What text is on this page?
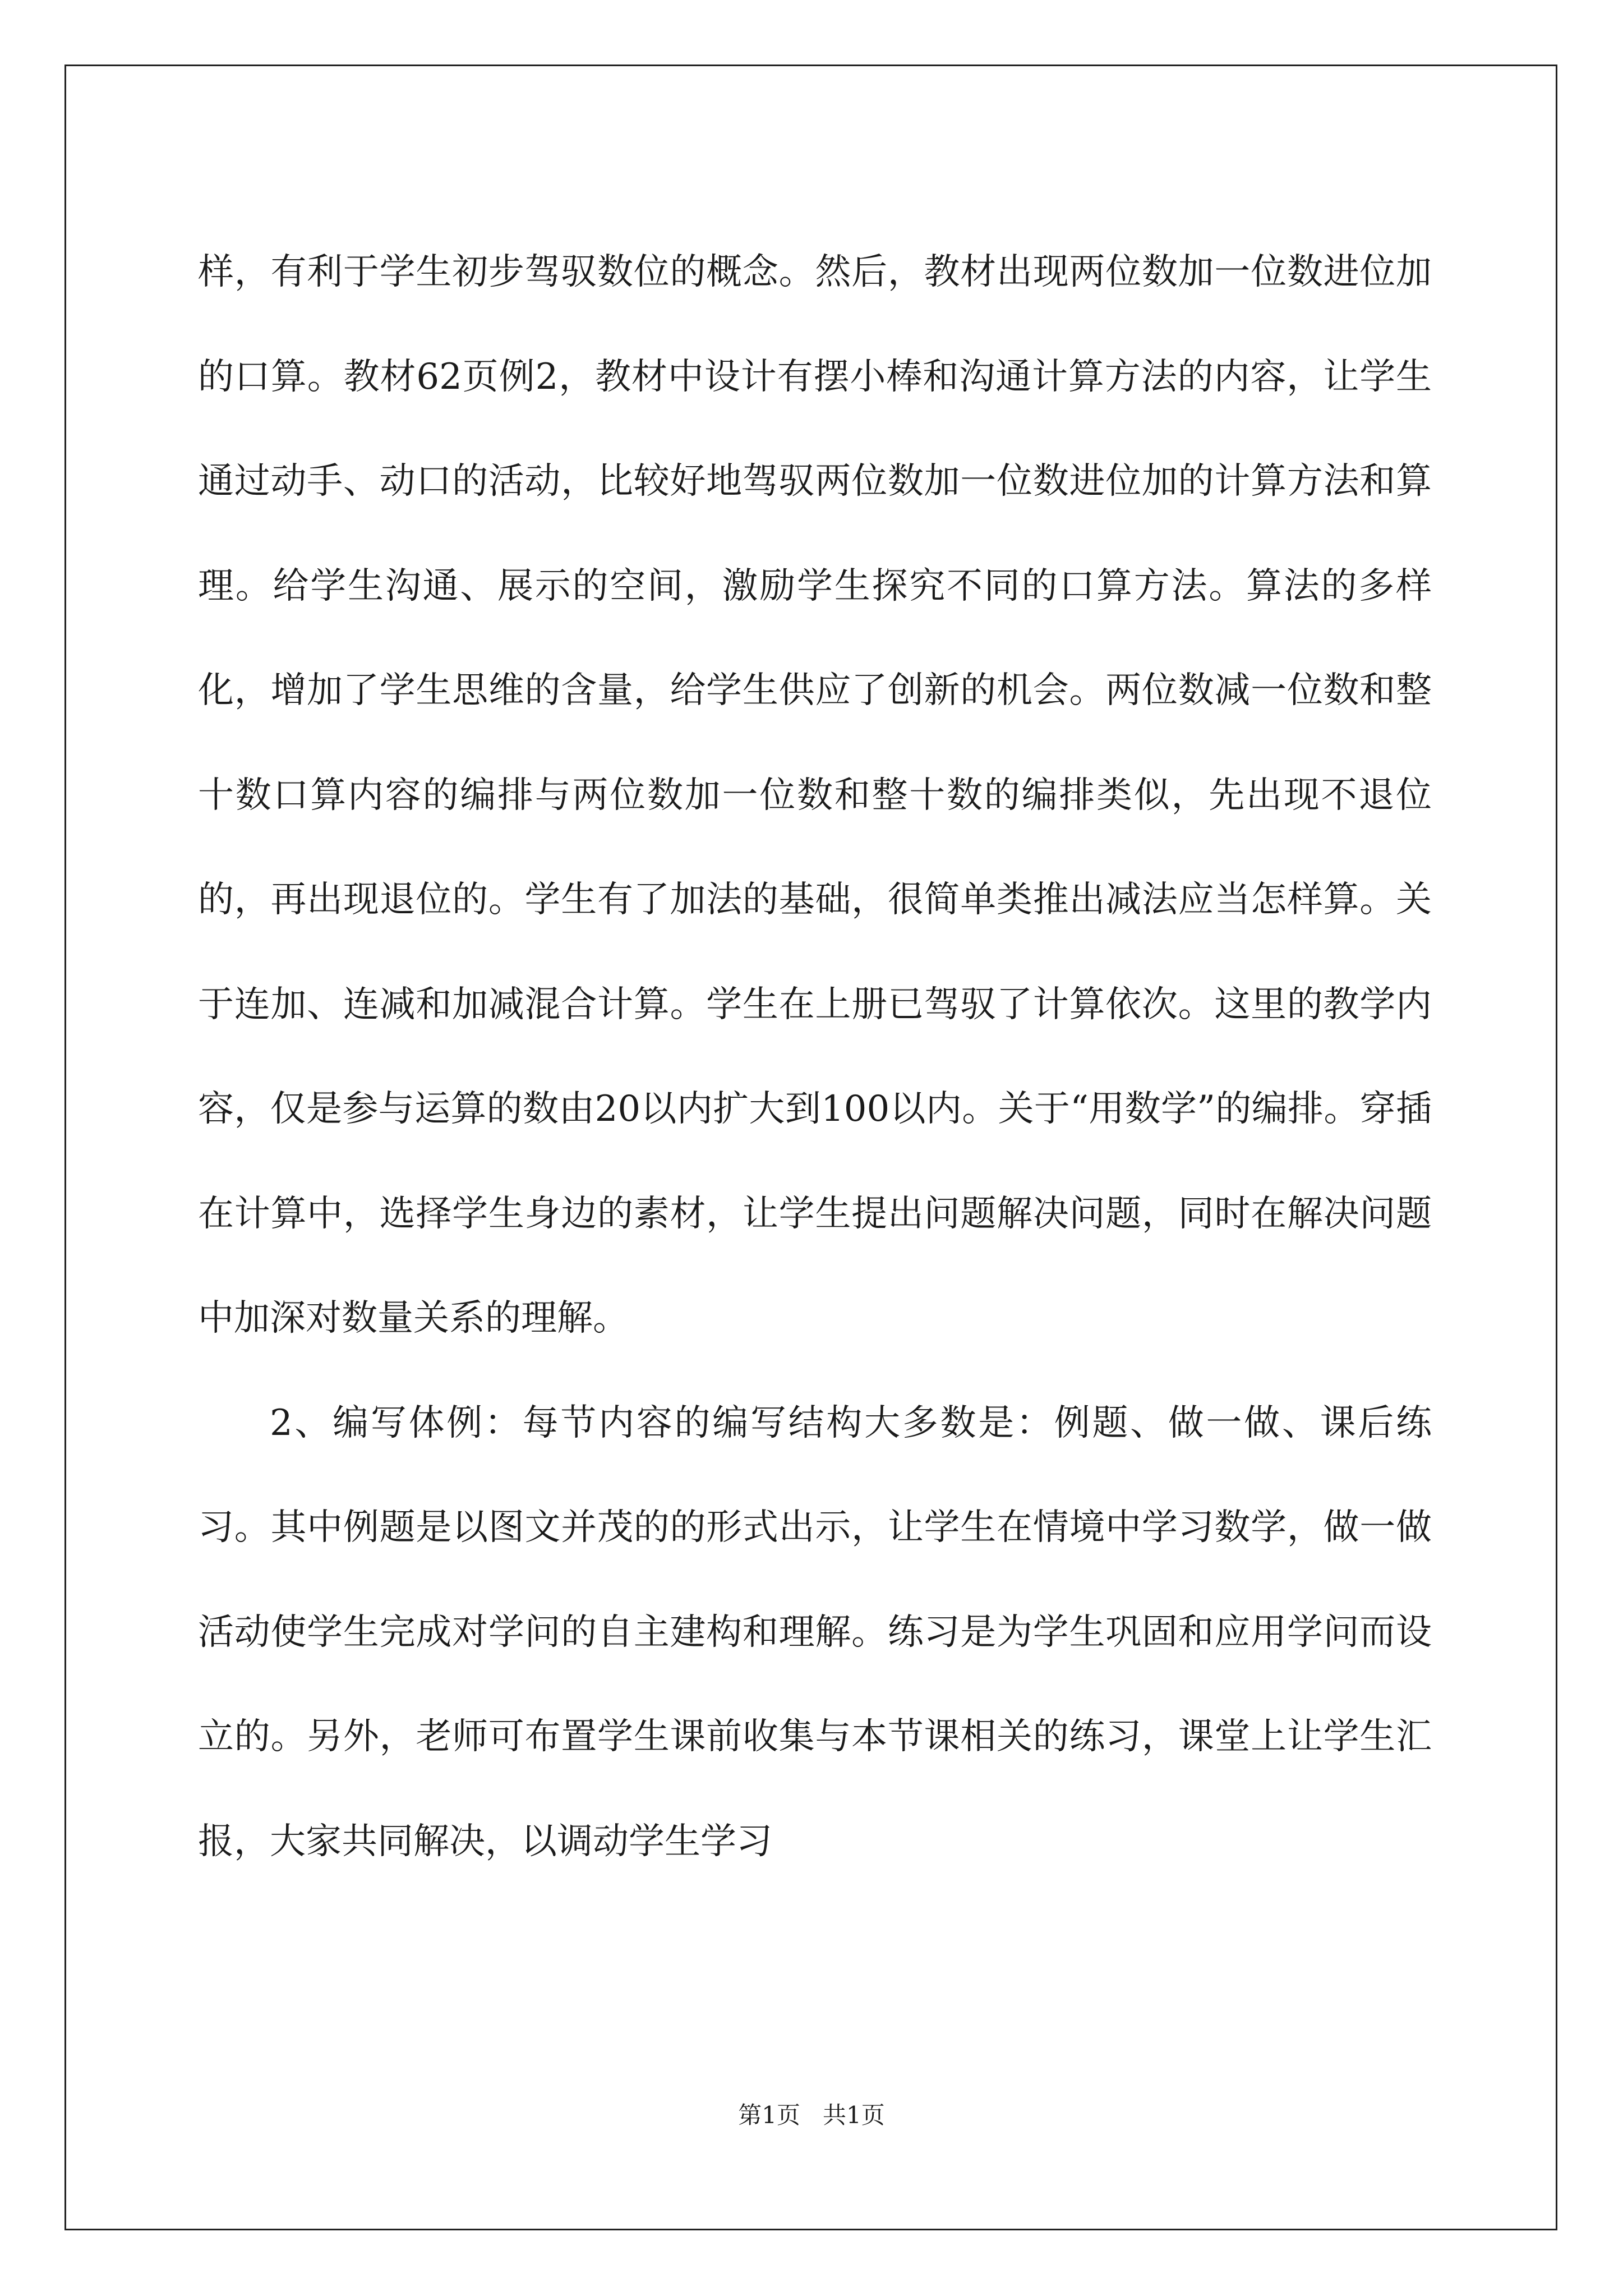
样，有利于学生初步驾驭数位的概念。然后，教材出现两位数加一位数进位加的口算。教材62页例2，教材中设计有摆小棒和沟通计算方法的内容，让学生通过动手、动口的活动，比较好地驾驭两位数加一位数进位加的计算方法和算理。给学生沟通、展示的空间，激励学生探究不同的口算方法。算法的多样化，增加了学生思维的含量，给学生供应了创新的机会。两位数减一位数和整十数口算内容的编排与两位数加一位数和整十数的编排类似，先出现不退位的，再出现退位的。学生有了加法的基础，很简单类推出减法应当怎样算。关于连加、连减和加减混合计算。学生在上册已驾驭了计算依次。这里的教学内容，仅是参与运算的数由20以内扩大到100以内。关于“用数学”的编排。穿插在计算中，选择学生身边的素材，让学生提出问题解决问题，同时在解决问题中加深对数量关系的理解。

2、编写体例：每节内容的编写结构大多数是：例题、做一做、课后练习。其中例题是以图文并茂的的形式出示，让学生在情境中学习数学，做一做活动使学生完成对学问的自主建构和理解。练习是为学生巩固和应用学问而设立的。另外，老师可布置学生课前收集与本节课相关的练习，课堂上让学生汇报，大家共同解决，以调动学生学习

第1页   共1页
